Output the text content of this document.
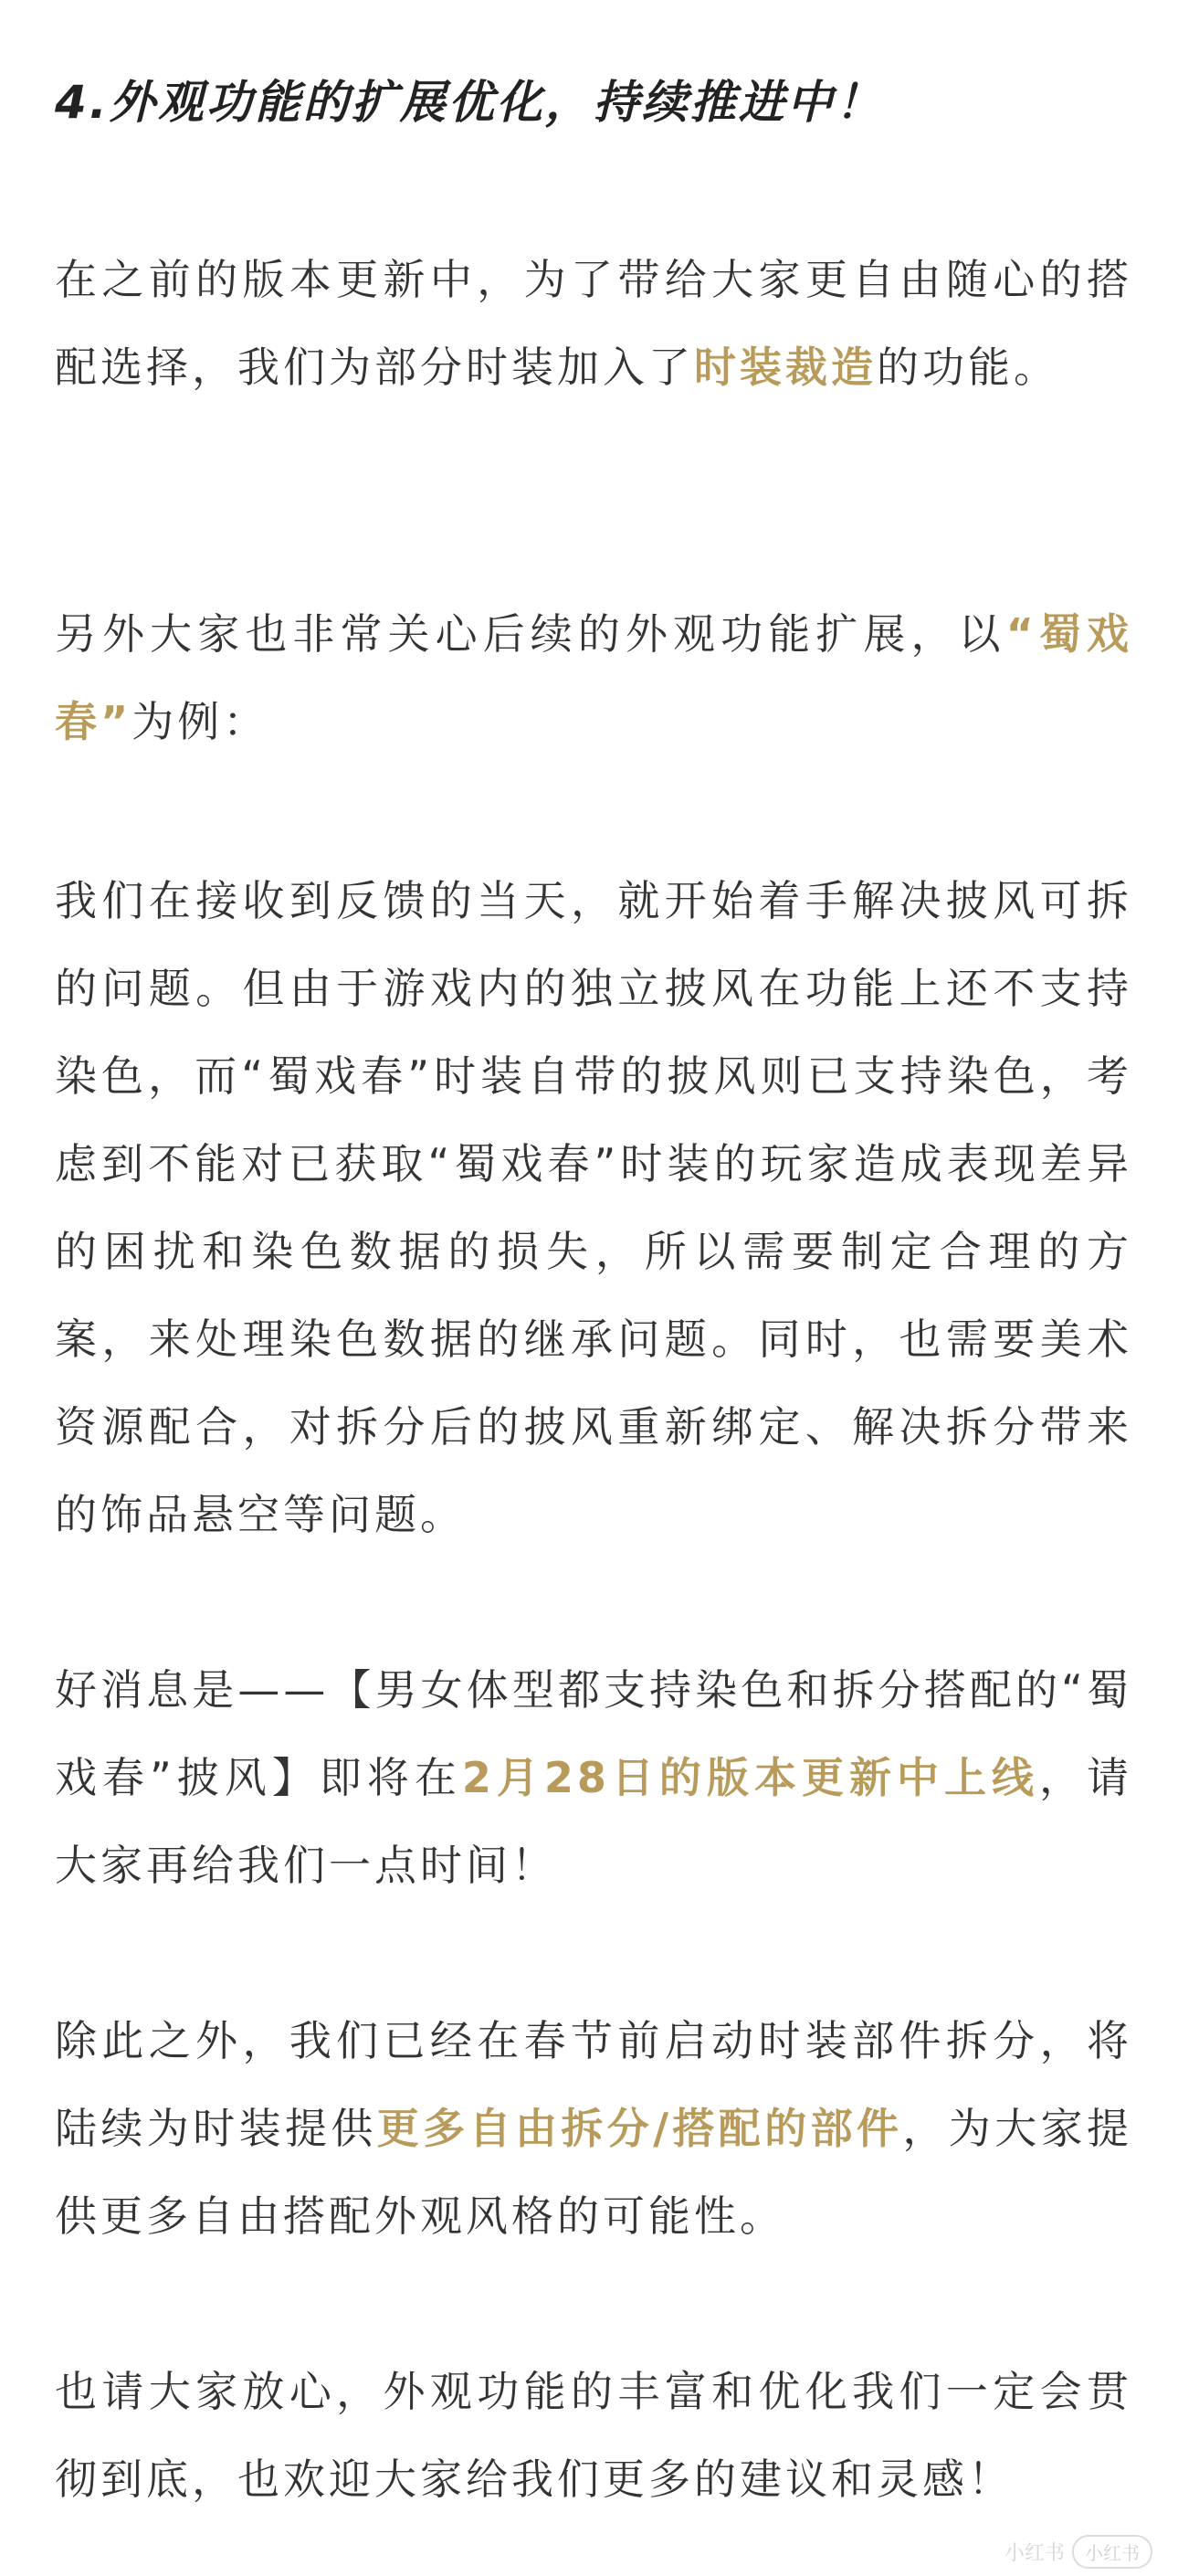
4.外观功能的扩展优化，持续推进中！

在之前的版本更新中，为了带给大家更自由随心的搭配选择，我们为部分时装加入了时装裁造的功能。

另外大家也非常关心后续的外观功能扩展，以“蜀戏春”为例：

我们在接收到反馈的当天，就开始着手解决披风可拆的问题。但由于游戏内的独立披风在功能上还不支持染色，而“蜀戏春”时装自带的披风则已支持染色，考虑到不能对已获取“蜀戏春”时装的玩家造成表现差异的困扰和染色数据的损失，所以需要制定合理的方案，来处理染色数据的继承问题。同时，也需要美术资源配合，对拆分后的披风重新绑定、解决拆分带来的饰品悬空等问题。

好消息是——【男女体型都支持染色和拆分搭配的“蜀戏春”披风】即将在2月28日的版本更新中上线，请大家再给我们一点时间！

除此之外，我们已经在春节前启动时装部件拆分，将陆续为时装提供更多自由拆分/搭配的部件，为大家提供更多自由搭配外观风格的可能性。

也请大家放心，外观功能的丰富和优化我们一定会贯彻到底，也欢迎大家给我们更多的建议和灵感！

小红书 小红书
